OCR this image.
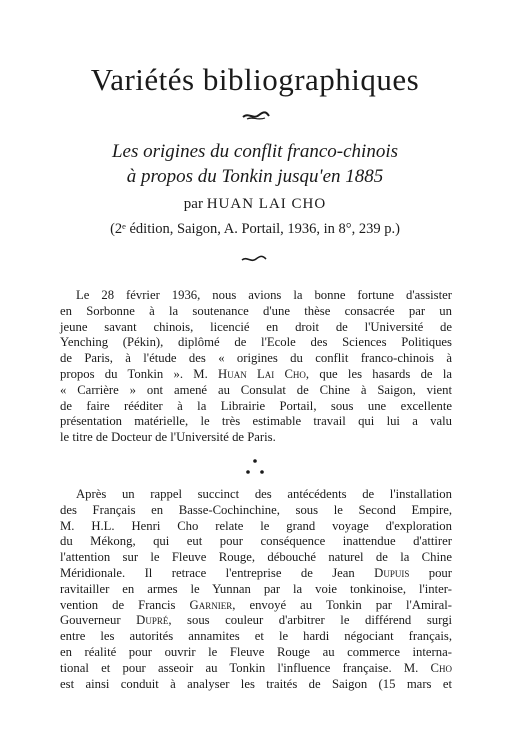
Variétés bibliographiques
Les origines du conflit franco-chinois
à propos du Tonkin jusqu'en 1885
par HUAN LAI CHO
(2ᵉ édition, Saigon, A. Portail, 1936, in 8°, 239 p.)
Le 28 février 1936, nous avions la bonne fortune d'assister
en Sorbonne à la soutenance d'une thèse consacrée par un
jeune savant chinois, licencié en droit de l'Université de
Yenching (Pékin), diplômé de l'Ecole des Sciences Politiques
de Paris, à l'étude des « origines du conflit franco-chinois à
propos du Tonkin ». M. Huan Lai Cho, que les hasards de la
« Carrière » ont amené au Consulat de Chine à Saigon, vient
de faire rééditer à la Librairie Portail, sous une excellente
présentation matérielle, le très estimable travail qui lui a valu
le titre de Docteur de l'Université de Paris.
Après un rappel succinct des antécédents de l'installation
des Français en Basse-Cochinchine, sous le Second Empire,
M. H.L. Henri Cho relate le grand voyage d'exploration
du Mékong, qui eut pour conséquence inattendue d'attirer
l'attention sur le Fleuve Rouge, débouché naturel de la Chine
Méridionale. Il retrace l'entreprise de Jean Dupuis pour
ravitailler en armes le Yunnan par la voie tonkinoise, l'inter-
vention de Francis Garnier, envoyé au Tonkin par l'Amiral-
Gouverneur Dupré, sous couleur d'arbitrer le différend surgi
entre les autorités annamites et le hardi négociant français,
en réalité pour ouvrir le Fleuve Rouge au commerce interna-
tional et pour asseoir au Tonkin l'influence française. M. Cho
est ainsi conduit à analyser les traités de Saigon (15 mars et
